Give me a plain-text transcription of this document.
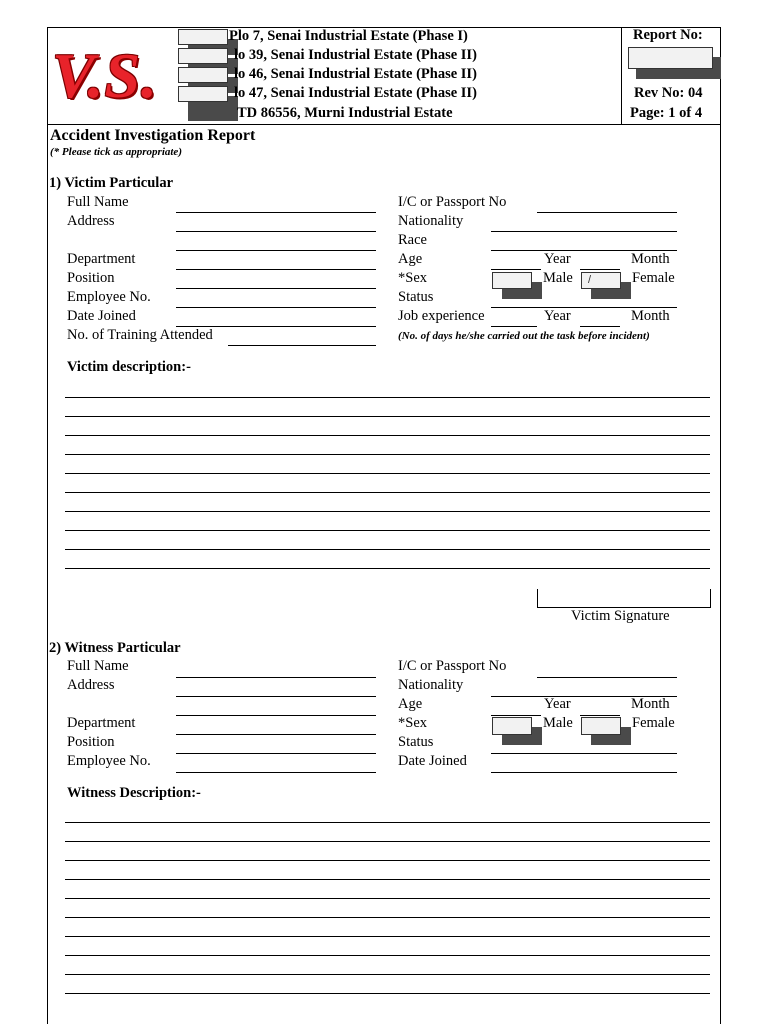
V.S.
Plo 7, Senai Industrial Estate (Phase I)
lo 39, Senai Industrial Estate (Phase II)
lo 46, Senai Industrial Estate (Phase II)
lo 47, Senai Industrial Estate (Phase II)
TD 86556, Murni Industrial Estate
Report No:
Rev No: 04
Page: 1 of 4
Accident Investigation Report
(* Please tick as appropriate)
1) Victim Particular
Full Name
Address
Department
Position
Employee No.
Date Joined
No. of Training Attended
I/C or Passport No
Nationality
Race
Age	Year	Month
*Sex	Male	/	Female
Status
Job experience	Year	Month
(No. of days he/she carried out the task before incident)
Victim description:-
Victim Signature
2) Witness Particular
Full Name
Address
Department
Position
Employee No.
I/C or Passport No
Nationality
Age	Year	Month
*Sex	Male	Female
Status
Date Joined
Witness Description:-
